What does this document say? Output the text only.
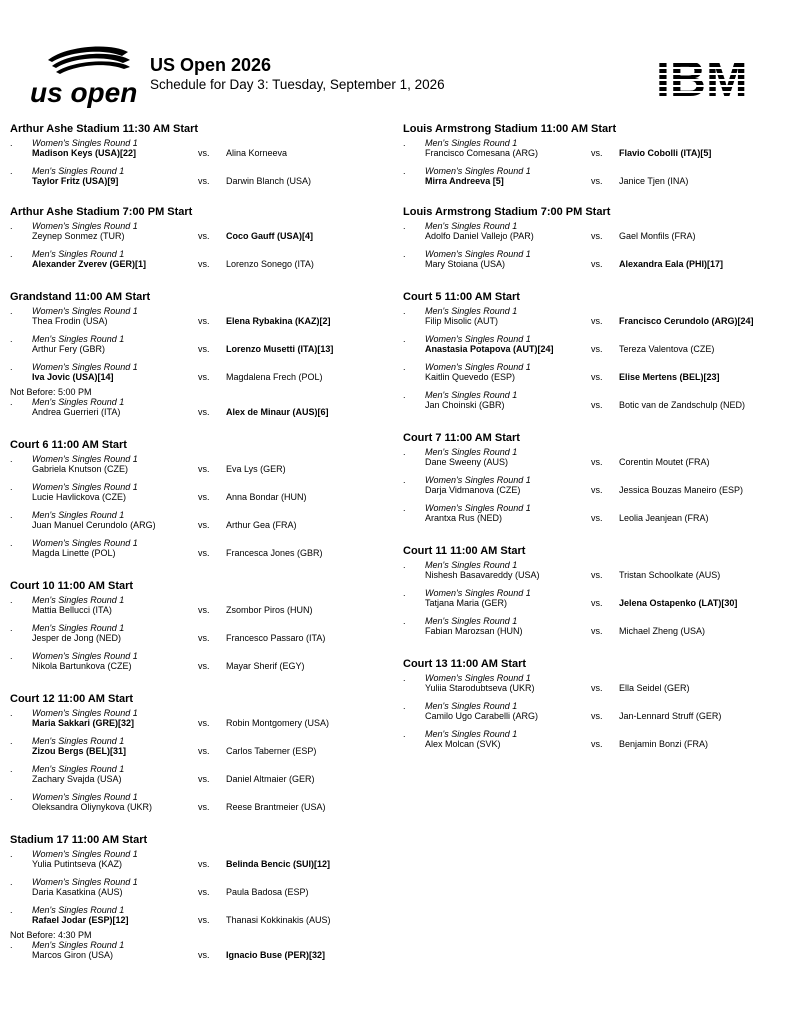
us open
US Open 2026
Schedule for Day 3: Tuesday, September 1, 2026
Arthur Ashe Stadium 11:30 AM Start
. Women's Singles Round 1
Madison Keys (USA)[22]	vs. Alina Korneeva
. Men's Singles Round 1
Taylor Fritz (USA)[9]	vs. Darwin Blanch (USA)
Arthur Ashe Stadium 7:00 PM Start
. Women's Singles Round 1
Zeynep Sonmez (TUR)	vs. Coco Gauff (USA)[4]
. Men's Singles Round 1
Alexander Zverev (GER)[1]	vs. Lorenzo Sonego (ITA)
Grandstand 11:00 AM Start
. Women's Singles Round 1
Thea Frodin (USA)	vs. Elena Rybakina (KAZ)[2]
. Men's Singles Round 1
Arthur Fery (GBR)	vs. Lorenzo Musetti (ITA)[13]
. Women's Singles Round 1
Iva Jovic (USA)[14]	vs. Magdalena Frech (POL)
Not Before: 5:00 PM
. Men's Singles Round 1
Andrea Guerrieri (ITA)	vs. Alex de Minaur (AUS)[6]
Court 6 11:00 AM Start
. Women's Singles Round 1
Gabriela Knutson (CZE)	vs. Eva Lys (GER)
. Women's Singles Round 1
Lucie Havlickova (CZE)	vs. Anna Bondar (HUN)
. Men's Singles Round 1
Juan Manuel Cerundolo (ARG)	vs. Arthur Gea (FRA)
. Women's Singles Round 1
Magda Linette (POL)	vs. Francesca Jones (GBR)
Court 10 11:00 AM Start
. Men's Singles Round 1
Mattia Bellucci (ITA)	vs. Zsombor Piros (HUN)
. Men's Singles Round 1
Jesper de Jong (NED)	vs. Francesco Passaro (ITA)
. Women's Singles Round 1
Nikola Bartunkova (CZE)	vs. Mayar Sherif (EGY)
Court 12 11:00 AM Start
. Women's Singles Round 1
Maria Sakkari (GRE)[32]	vs. Robin Montgomery (USA)
. Men's Singles Round 1
Zizou Bergs (BEL)[31]	vs. Carlos Taberner (ESP)
. Men's Singles Round 1
Zachary Svajda (USA)	vs. Daniel Altmaier (GER)
. Women's Singles Round 1
Oleksandra Oliynykova (UKR)	vs. Reese Brantmeier (USA)
Stadium 17 11:00 AM Start
. Women's Singles Round 1
Yulia Putintseva (KAZ)	vs. Belinda Bencic (SUI)[12]
. Women's Singles Round 1
Daria Kasatkina (AUS)	vs. Paula Badosa (ESP)
. Men's Singles Round 1
Rafael Jodar (ESP)[12]	vs. Thanasi Kokkinakis (AUS)
Not Before: 4:30 PM
. Men's Singles Round 1
Marcos Giron (USA)	vs. Ignacio Buse (PER)[32]
Louis Armstrong Stadium 11:00 AM Start
. Men's Singles Round 1
Francisco Comesana (ARG)	vs. Flavio Cobolli (ITA)[5]
. Women's Singles Round 1
Mirra Andreeva [5]	vs. Janice Tjen (INA)
Louis Armstrong Stadium 7:00 PM Start
. Men's Singles Round 1
Adolfo Daniel Vallejo (PAR)	vs. Gael Monfils (FRA)
. Women's Singles Round 1
Mary Stoiana (USA)	vs. Alexandra Eala (PHI)[17]
Court 5 11:00 AM Start
. Men's Singles Round 1
Filip Misolic (AUT)	vs. Francisco Cerundolo (ARG)[24]
. Women's Singles Round 1
Anastasia Potapova (AUT)[24]	vs. Tereza Valentova (CZE)
. Women's Singles Round 1
Kaitlin Quevedo (ESP)	vs. Elise Mertens (BEL)[23]
. Men's Singles Round 1
Jan Choinski (GBR)	vs. Botic van de Zandschulp (NED)
Court 7 11:00 AM Start
. Men's Singles Round 1
Dane Sweeny (AUS)	vs. Corentin Moutet (FRA)
. Women's Singles Round 1
Darja Vidmanova (CZE)	vs. Jessica Bouzas Maneiro (ESP)
. Women's Singles Round 1
Arantxa Rus (NED)	vs. Leolia Jeanjean (FRA)
Court 11 11:00 AM Start
. Men's Singles Round 1
Nishesh Basavareddy (USA)	vs. Tristan Schoolkate (AUS)
. Women's Singles Round 1
Tatjana Maria (GER)	vs. Jelena Ostapenko (LAT)[30]
. Men's Singles Round 1
Fabian Marozsan (HUN)	vs. Michael Zheng (USA)
Court 13 11:00 AM Start
. Women's Singles Round 1
Yuliia Starodubtseva (UKR)	vs. Ella Seidel (GER)
. Men's Singles Round 1
Camilo Ugo Carabelli (ARG)	vs. Jan-Lennard Struff (GER)
. Men's Singles Round 1
Alex Molcan (SVK)	vs. Benjamin Bonzi (FRA)
